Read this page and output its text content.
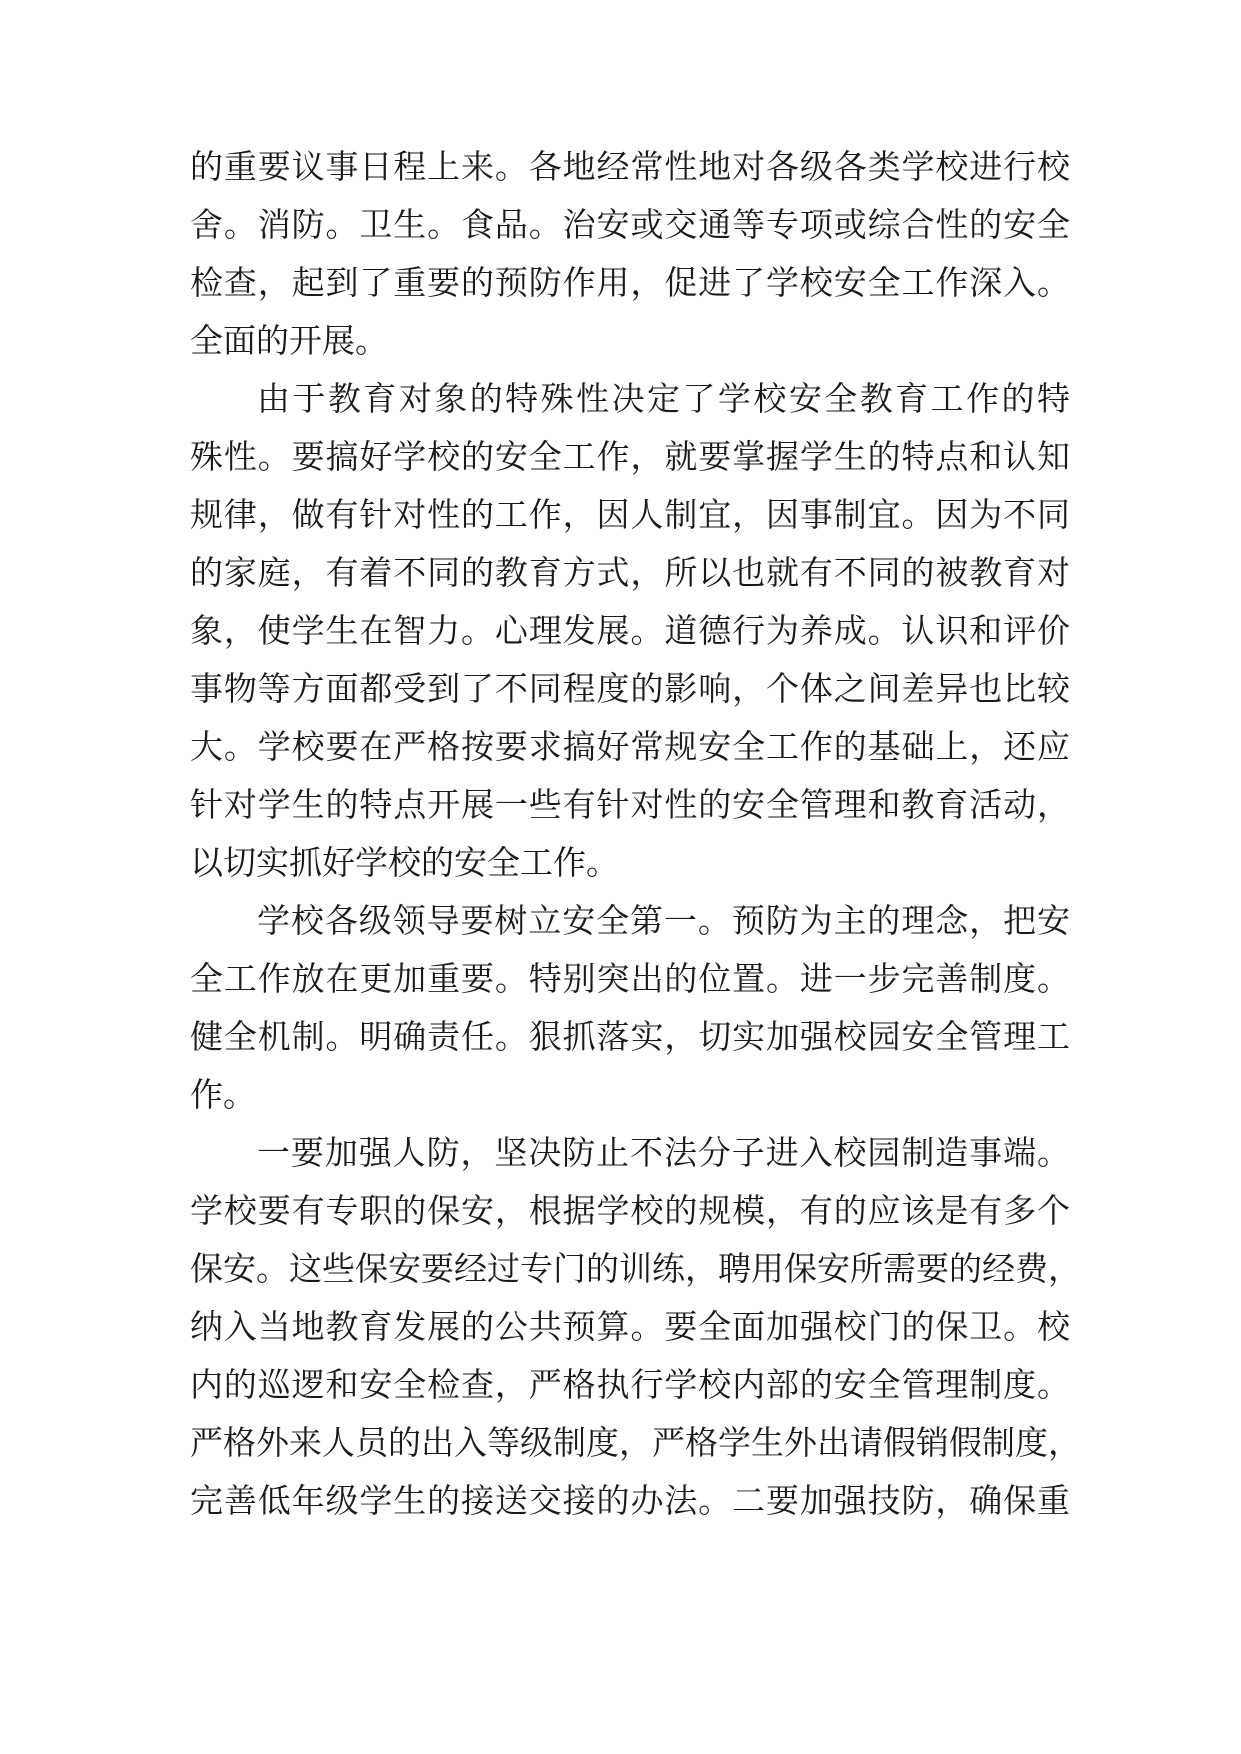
的重要议事日程上来。各地经常性地对各级各类学校进行校
舍。消防。卫生。食品。治安或交通等专项或综合性的安全
检查，起到了重要的预防作用，促进了学校安全工作深入。
全面的开展。
由于教育对象的特殊性决定了学校安全教育工作的特
殊性。要搞好学校的安全工作，就要掌握学生的特点和认知
规律，做有针对性的工作，因人制宜，因事制宜。因为不同
的家庭，有着不同的教育方式，所以也就有不同的被教育对
象，使学生在智力。心理发展。道德行为养成。认识和评价
事物等方面都受到了不同程度的影响，个体之间差异也比较
大。学校要在严格按要求搞好常规安全工作的基础上，还应
针对学生的特点开展一些有针对性的安全管理和教育活动，
以切实抓好学校的安全工作。
学校各级领导要树立安全第一。预防为主的理念，把安
全工作放在更加重要。特别突出的位置。进一步完善制度。
健全机制。明确责任。狠抓落实，切实加强校园安全管理工
作。
一要加强人防，坚决防止不法分子进入校园制造事端。
学校要有专职的保安，根据学校的规模，有的应该是有多个
保安。这些保安要经过专门的训练，聘用保安所需要的经费，
纳入当地教育发展的公共预算。要全面加强校门的保卫。校
内的巡逻和安全检查，严格执行学校内部的安全管理制度。
严格外来人员的出入等级制度，严格学生外出请假销假制度，
完善低年级学生的接送交接的办法。二要加强技防，确保重
